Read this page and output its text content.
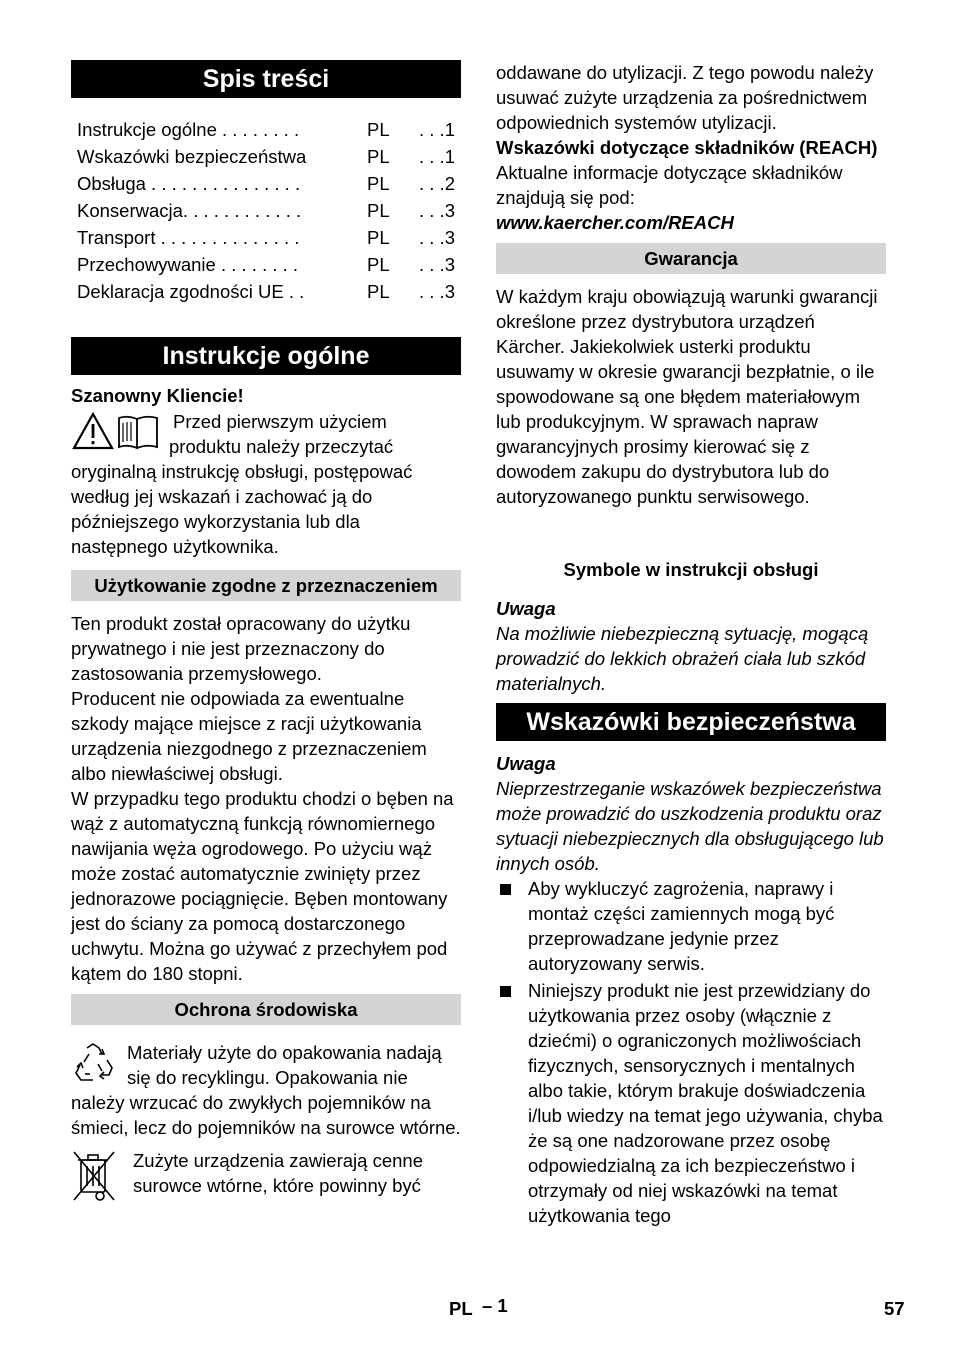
Spis treści
Instrukcje ogólne . . . . . . . .	PL	. . .1
Wskazówki bezpieczeństwa	PL	. . .1
Obsługa . . . . . . . . . . . . . . .	PL	. . .2
Konserwacja. . . . . . . . . . . .	PL	. . .3
Transport . . . . . . . . . . . . . .	PL	. . .3
Przechowywanie . . . . . . . .	PL	. . .3
Deklaracja zgodności UE . .	PL	. . .3
Instrukcje ogólne

Szanowny Kliencie!

Przed pierwszym użyciem produktu należy przeczytać oryginalną instrukcję obsługi, postępować według jej wskazań i zachować ją do późniejszego wykorzystania lub dla następnego użytkownika.

Użytkowanie zgodne z przeznaczeniem

Ten produkt został opracowany do użytku prywatnego i nie jest przeznaczony do zastosowania przemysłowego.

Producent nie odpowiada za ewentualne szkody mające miejsce z racji użytkowania urządzenia niezgodnego z przeznaczeniem albo niewłaściwej obsługi.

W przypadku tego produktu chodzi o bęben na wąż z automatyczną funkcją równomiernego nawijania węża ogrodowego. Po użyciu wąż może zostać automatycznie zwinięty przez jednorazowe pociągnięcie. Bęben montowany jest do ściany za pomocą dostarczonego uchwytu. Można go używać z przechyłem pod kątem do 180 stopni.

Ochrona środowiska

Materiały użyte do opakowania nadają się do recyklingu. Opakowania nie należy wrzucać do zwykłych pojemników na śmieci, lecz do pojemników na surowce wtórne.

Zużyte urządzenia zawierają cenne surowce wtórne, które powinny być

oddawane do utylizacji. Z tego powodu należy usuwać zużyte urządzenia za pośrednictwem odpowiednich systemów utylizacji.

Wskazówki dotyczące składników (REACH)

Aktualne informacje dotyczące składników znajdują się pod:

www.kaercher.com/REACH

Gwarancja

W każdym kraju obowiązują warunki gwarancji określone przez dystrybutora urządzeń Kärcher. Jakiekolwiek usterki produktu usuwamy w okresie gwarancji bezpłatnie, o ile spowodowane są one błędem materiałowym lub produkcyjnym. W sprawach napraw gwarancyjnych prosimy kierować się z dowodem zakupu do dystrybutora lub do autoryzowanego punktu serwisowego.

Symbole w instrukcji obsługi

Uwaga

Na możliwie niebezpieczną sytuację, mogącą prowadzić do lekkich obrażeń ciała lub szkód materialnych.

Wskazówki bezpieczeństwa

Uwaga

Nieprzestrzeganie wskazówek bezpieczeństwa może prowadzić do uszkodzenia produktu oraz sytuacji niebezpiecznych dla obsługującego lub innych osób.

Aby wykluczyć zagrożenia, naprawy i montaż części zamiennych mogą być przeprowadzane jedynie przez autoryzowany serwis.
Niniejszy produkt nie jest przewidziany do użytkowania przez osoby (włącznie z dziećmi) o ograniczonych możliwościach fizycznych, sensorycznych i mentalnych albo takie, którym brakuje doświadczenia i/lub wiedzy na temat jego używania, chyba że są one nadzorowane przez osobę odpowiedzialną za ich bezpieczeństwo i otrzymały od niej wskazówki na temat użytkowania tego
PL – 1	57
